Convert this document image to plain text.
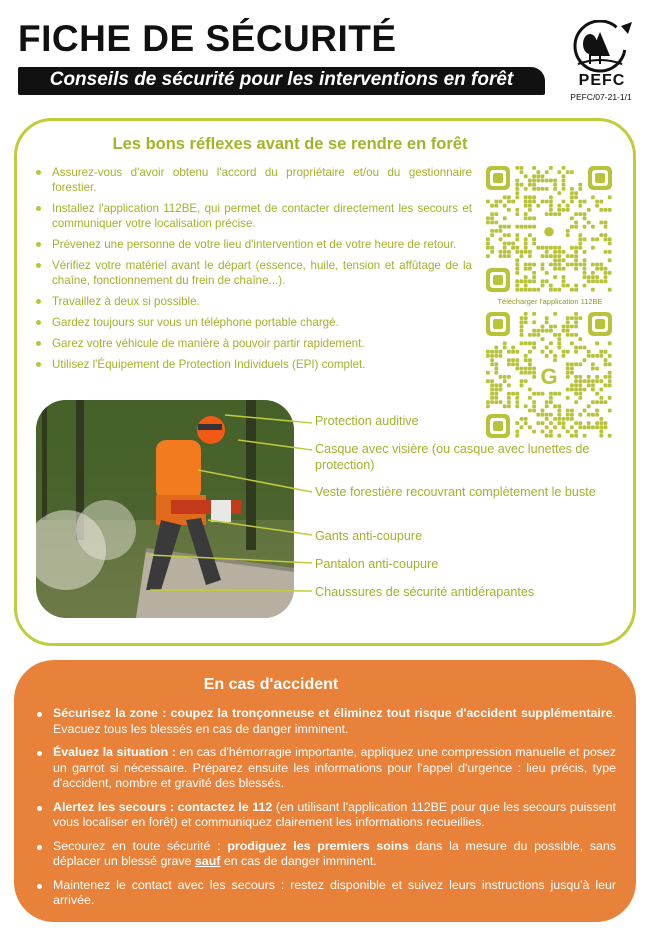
FICHE DE SÉCURITÉ
Conseils de sécurité pour les interventions en forêt	PEFC
PEFC/07-21-1/1
Les bons réflexes avant de se rendre en forêt
Assurez-vous d'avoir obtenu l'accord du propriétaire et/ou du gestionnaire forestier.
Installez l'application 112BE, qui permet de contacter directement les secours et communiquer votre localisation précise.
Prévenez une personne de votre lieu d'intervention et de votre heure de retour.
Vérifiez votre matériel avant le départ (essence, huile, tension et affûtage de la chaîne, fonctionnement du frein de chaîne...).
Travaillez à deux si possible.
Gardez toujours sur vous un téléphone portable chargé.
Garez votre véhicule de manière à pouvoir partir rapidement.
Utilisez l'Équipement de Protection Individuels (EPI) complet.
●
Télécharger l'application 112BE
G
Protection auditive
Casque avec visière (ou casque avec lunettes de protection)
Veste forestière recouvrant complètement le buste
Gants anti-coupure
Pantalon anti-coupure
Chaussures de sécurité antidérapantes
En cas d'accident
Sécurisez la zone : coupez la tronçonneuse et éliminez tout risque d'accident supplémentaire. Evacuez tous les blessés en cas de danger imminent.
Évaluez la situation : en cas d'hémorragie importante, appliquez une compression manuelle et posez un garrot si nécessaire. Préparez ensuite les informations pour l'appel d'urgence : lieu précis, type d'accident, nombre et gravité des blessés.
Alertez les secours : contactez le 112 (en utilisant l'application 112BE pour que les secours puissent vous localiser en forêt) et communiquez clairement les informations recueillies.
Secourez en toute sécurité : prodiguez les premiers soins dans la mesure du possible, sans déplacer un blessé grave sauf en cas de danger imminent.
Maintenez le contact avec les secours : restez disponible et suivez leurs instructions jusqu'à leur arrivée.
